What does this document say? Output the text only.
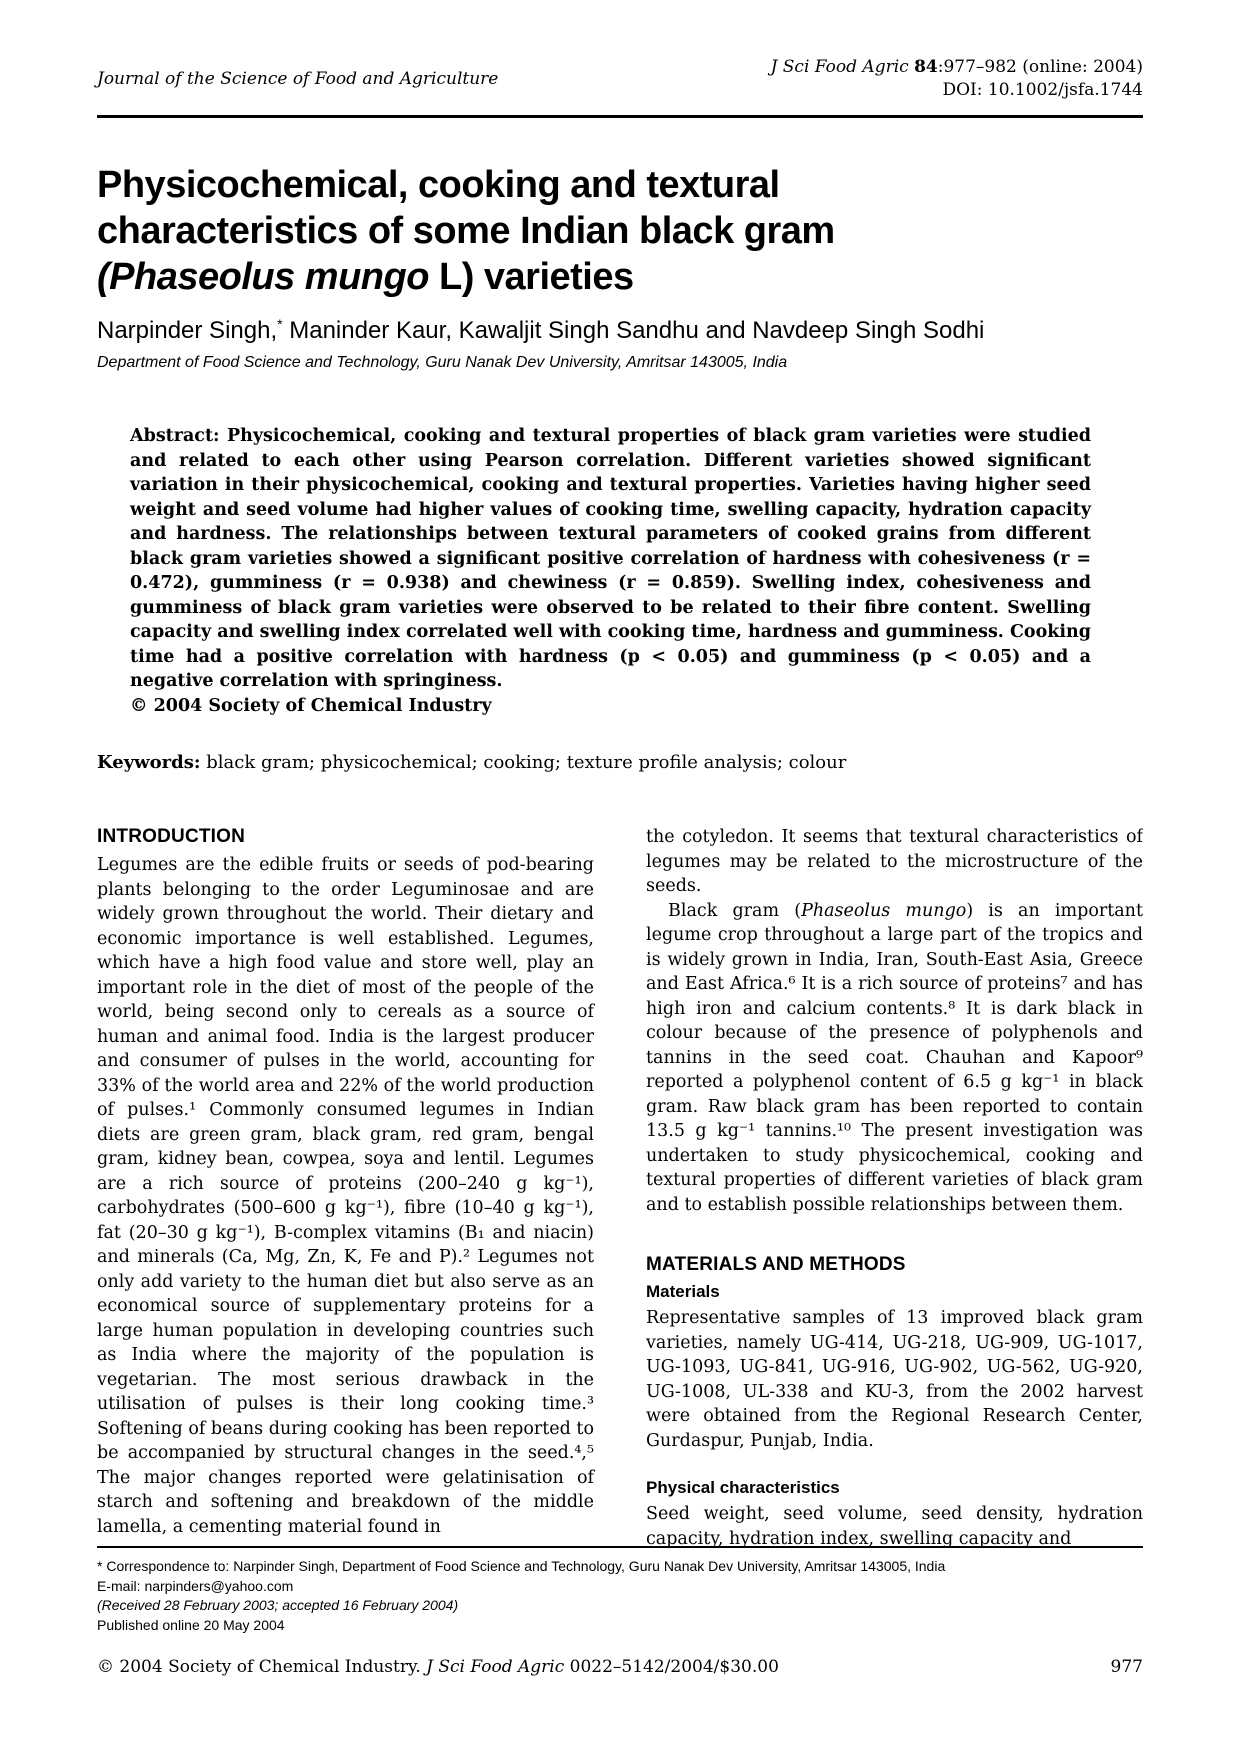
Journal of the Science of Food and Agriculture
J Sci Food Agric 84:977–982 (online: 2004)
DOI: 10.1002/jsfa.1744
Physicochemical, cooking and textural
characteristics of some Indian black gram
(Phaseolus mungo L) varieties
Narpinder Singh,* Maninder Kaur, Kawaljit Singh Sandhu and Navdeep Singh Sodhi
Department of Food Science and Technology, Guru Nanak Dev University, Amritsar 143005, India

Abstract: Physicochemical, cooking and textural properties of black gram varieties were studied and related to each other using Pearson correlation. Different varieties showed significant variation in their physicochemical, cooking and textural properties. Varieties having higher seed weight and seed volume had higher values of cooking time, swelling capacity, hydration capacity and hardness. The relationships between textural parameters of cooked grains from different black gram varieties showed a significant positive correlation of hardness with cohesiveness (r = 0.472), gumminess (r = 0.938) and chewiness (r = 0.859). Swelling index, cohesiveness and gumminess of black gram varieties were observed to be related to their fibre content. Swelling capacity and swelling index correlated well with cooking time, hardness and gumminess. Cooking time had a positive correlation with hardness (p < 0.05) and gumminess (p < 0.05) and a negative correlation with springiness.

© 2004 Society of Chemical Industry

Keywords: black gram; physicochemical; cooking; texture profile analysis; colour
INTRODUCTION

Legumes are the edible fruits or seeds of pod-bearing plants belonging to the order Leguminosae and are widely grown throughout the world. Their dietary and economic importance is well established. Legumes, which have a high food value and store well, play an important role in the diet of most of the people of the world, being second only to cereals as a source of human and animal food. India is the largest producer and consumer of pulses in the world, accounting for 33% of the world area and 22% of the world production of pulses.¹ Commonly consumed legumes in Indian diets are green gram, black gram, red gram, bengal gram, kidney bean, cowpea, soya and lentil. Legumes are a rich source of proteins (200–240 g kg⁻¹), carbohydrates (500–600 g kg⁻¹), fibre (10–40 g kg⁻¹), fat (20–30 g kg⁻¹), B-complex vitamins (B₁ and niacin) and minerals (Ca, Mg, Zn, K, Fe and P).² Legumes not only add variety to the human diet but also serve as an economical source of supplementary proteins for a large human population in developing countries such as India where the majority of the population is vegetarian. The most serious drawback in the utilisation of pulses is their long cooking time.³ Softening of beans during cooking has been reported to be accompanied by structural changes in the seed.⁴,⁵ The major changes reported were gelatinisation of starch and softening and breakdown of the middle lamella, a cementing material found in

the cotyledon. It seems that textural characteristics of legumes may be related to the microstructure of the seeds.

Black gram (Phaseolus mungo) is an important legume crop throughout a large part of the tropics and is widely grown in India, Iran, South-East Asia, Greece and East Africa.⁶ It is a rich source of proteins⁷ and has high iron and calcium contents.⁸ It is dark black in colour because of the presence of polyphenols and tannins in the seed coat. Chauhan and Kapoor⁹ reported a polyphenol content of 6.5 g kg⁻¹ in black gram. Raw black gram has been reported to contain 13.5 g kg⁻¹ tannins.¹⁰ The present investigation was undertaken to study physicochemical, cooking and textural properties of different varieties of black gram and to establish possible relationships between them.

MATERIALS AND METHODS
Materials

Representative samples of 13 improved black gram varieties, namely UG-414, UG-218, UG-909, UG-1017, UG-1093, UG-841, UG-916, UG-902, UG-562, UG-920, UG-1008, UL-338 and KU-3, from the 2002 harvest were obtained from the Regional Research Center, Gurdaspur, Punjab, India.

Physical characteristics

Seed weight, seed volume, seed density, hydration capacity, hydration index, swelling capacity and

* Correspondence to: Narpinder Singh, Department of Food Science and Technology, Guru Nanak Dev University, Amritsar 143005, India
E-mail: narpinders@yahoo.com
(Received 28 February 2003; accepted 16 February 2004)
Published online 20 May 2004
© 2004 Society of Chemical Industry. J Sci Food Agric 0022–5142/2004/$30.00	977
